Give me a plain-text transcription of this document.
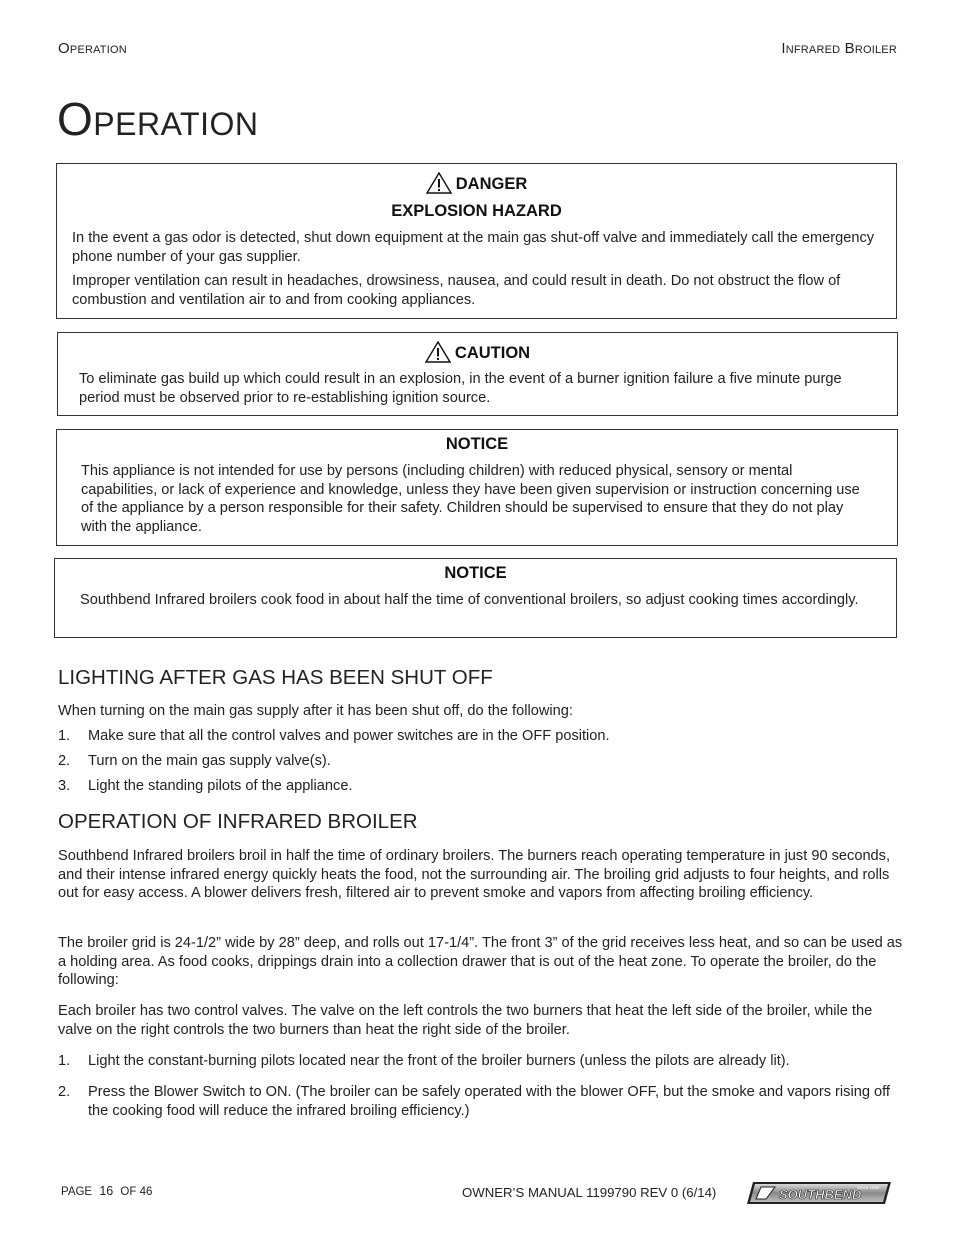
Operation	Infrared Broiler
Operation
DANGER
EXPLOSION HAZARD

In the event a gas odor is detected, shut down equipment at the main gas shut-off valve and immediately call the emergency phone number of your gas supplier.

Improper ventilation can result in headaches, drowsiness, nausea, and could result in death. Do not obstruct the flow of combustion and ventilation air to and from cooking appliances.

CAUTION

To eliminate gas build up which could result in an explosion, in the event of a burner ignition failure a five minute purge period must be observed prior to re-establishing ignition source.

NOTICE

This appliance is not intended for use by persons (including children) with reduced physical, sensory or mental capabilities, or lack of experience and knowledge, unless they have been given supervision or instruction concerning use of the appliance by a person responsible for their safety. Children should be supervised to ensure that they do not play with the appliance.

NOTICE

Southbend Infrared broilers cook food in about half the time of conventional broilers, so adjust cooking times accordingly.

LIGHTING AFTER GAS HAS BEEN SHUT OFF

When turning on the main gas supply after it has been shut off, do the following:

1. Make sure that all the control valves and power switches are in the OFF position.
2. Turn on the main gas supply valve(s).
3. Light the standing pilots of the appliance.
OPERATION OF INFRARED BROILER

Southbend Infrared broilers broil in half the time of ordinary broilers. The burners reach operating temperature in just 90 seconds, and their intense infrared energy quickly heats the food, not the surrounding air. The broiling grid adjusts to four heights, and rolls out for easy access. A blower delivers fresh, filtered air to prevent smoke and vapors from affecting broiling efficiency.

The broiler grid is 24-1/2” wide by 28” deep, and rolls out 17-1/4”. The front 3” of the grid receives less heat, and so can be used as a holding area. As food cooks, drippings drain into a collection drawer that is out of the heat zone. To operate the broiler, do the following:

Each broiler has two control valves. The valve on the left controls the two burners that heat the left side of the broiler, while the valve on the right controls the two burners than heat the right side of the broiler.

1. Light the constant-burning pilots located near the front of the broiler burners (unless the pilots are already lit).
2. Press the Blower Switch to ON. (The broiler can be safely operated with the blower OFF, but the smoke and vapors rising off the cooking food will reduce the infrared broiling efficiency.)
PAGE 16 OF 46	OWNER’S MANUAL 1199790 REV 0 (6/14)	SOUTHBEND
Since 1898
